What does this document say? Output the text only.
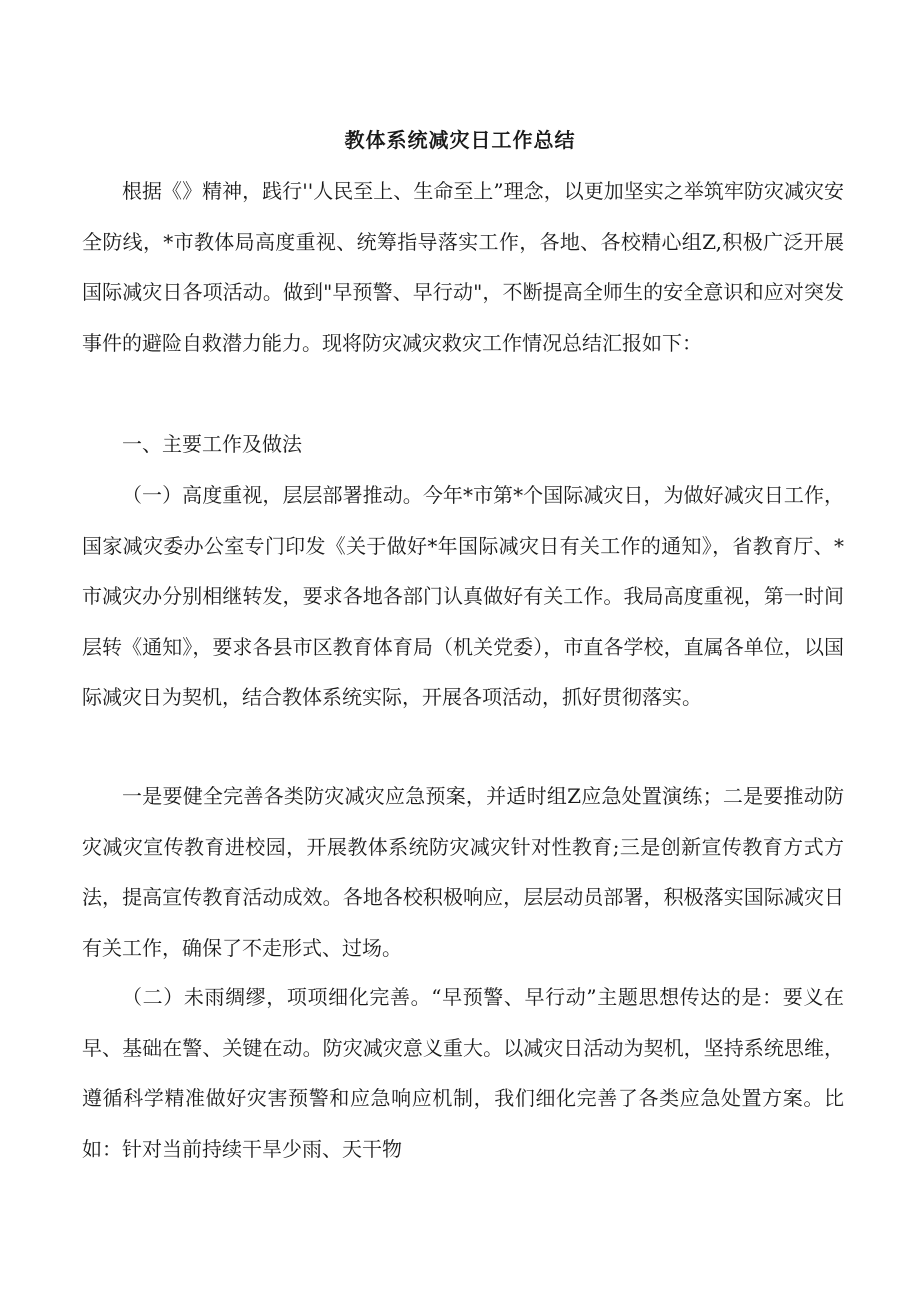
教体系统减灾日工作总结

根据《》精神，践行''人民至上、生命至上”理念，以更加坚实之举筑牢防灾减灾安全防线，*市教体局高度重视、统筹指导落实工作，各地、各校精心组Z,积极广泛开展国际减灾日各项活动。做到"早预警、早行动"，不断提高全师生的安全意识和应对突发事件的避险自救潜力能力。现将防灾减灾救灾工作情况总结汇报如下：

一、主要工作及做法

（一）高度重视，层层部署推动。今年*市第*个国际减灾日，为做好减灾日工作，国家减灾委办公室专门印发《关于做好*年国际减灾日有关工作的通知》，省教育厅、*市减灾办分别相继转发，要求各地各部门认真做好有关工作。我局高度重视，第一时间层转《通知》，要求各县市区教育体育局（机关党委），市直各学校，直属各单位，以国际减灾日为契机，结合教体系统实际，开展各项活动，抓好贯彻落实。

一是要健全完善各类防灾减灾应急预案，并适时组Z应急处置演练；二是要推动防灾减灾宣传教育进校园，开展教体系统防灾减灾针对性教育;三是创新宣传教育方式方法，提高宣传教育活动成效。各地各校积极响应，层层动员部署，积极落实国际减灾日有关工作，确保了不走形式、过场。

（二）未雨绸缪，项项细化完善。“早预警、早行动”主题思想传达的是：要义在早、基础在警、关键在动。防灾减灾意义重大。以减灾日活动为契机，坚持系统思维，遵循科学精准做好灾害预警和应急响应机制，我们细化完善了各类应急处置方案。比如：针对当前持续干旱少雨、天干物
